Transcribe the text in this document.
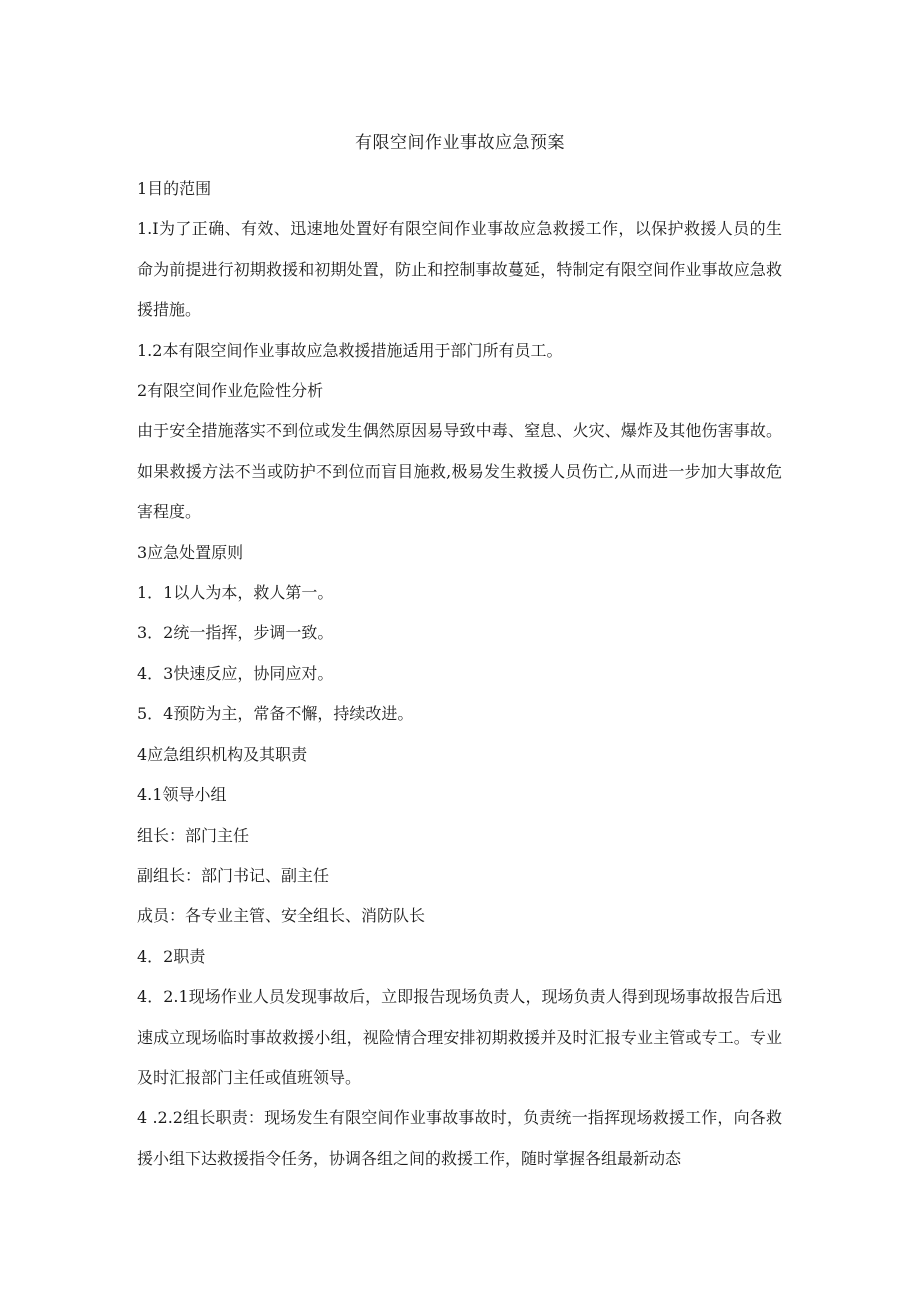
有限空间作业事故应急预案

1目的范围

1.I为了正确、有效、迅速地处置好有限空间作业事故应急救援工作，以保护救援人员的生命为前提进行初期救援和初期处置，防止和控制事故蔓延，特制定有限空间作业事故应急救援措施。

1.2本有限空间作业事故应急救援措施适用于部门所有员工。

2有限空间作业危险性分析

由于安全措施落实不到位或发生偶然原因易导致中毒、窒息、火灾、爆炸及其他伤害事故。如果救援方法不当或防护不到位而盲目施救,极易发生救援人员伤亡,从而进一步加大事故危害程度。

3应急处置原则

1．1以人为本，救人第一。

3．2统一指挥，步调一致。

4．3快速反应，协同应对。

5．4预防为主，常备不懈，持续改进。

4应急组织机构及其职责

4.1领导小组

组长：部门主任

副组长：部门书记、副主任

成员：各专业主管、安全组长、消防队长

4．2职责

4．2.1现场作业人员发现事故后，立即报告现场负责人，现场负责人得到现场事故报告后迅速成立现场临时事故救援小组，视险情合理安排初期救援并及时汇报专业主管或专工。专业及时汇报部门主任或值班领导。

4 .2.2组长职责：现场发生有限空间作业事故事故时，负责统一指挥现场救援工作，向各救援小组下达救援指令任务，协调各组之间的救援工作，随时掌握各组最新动态
